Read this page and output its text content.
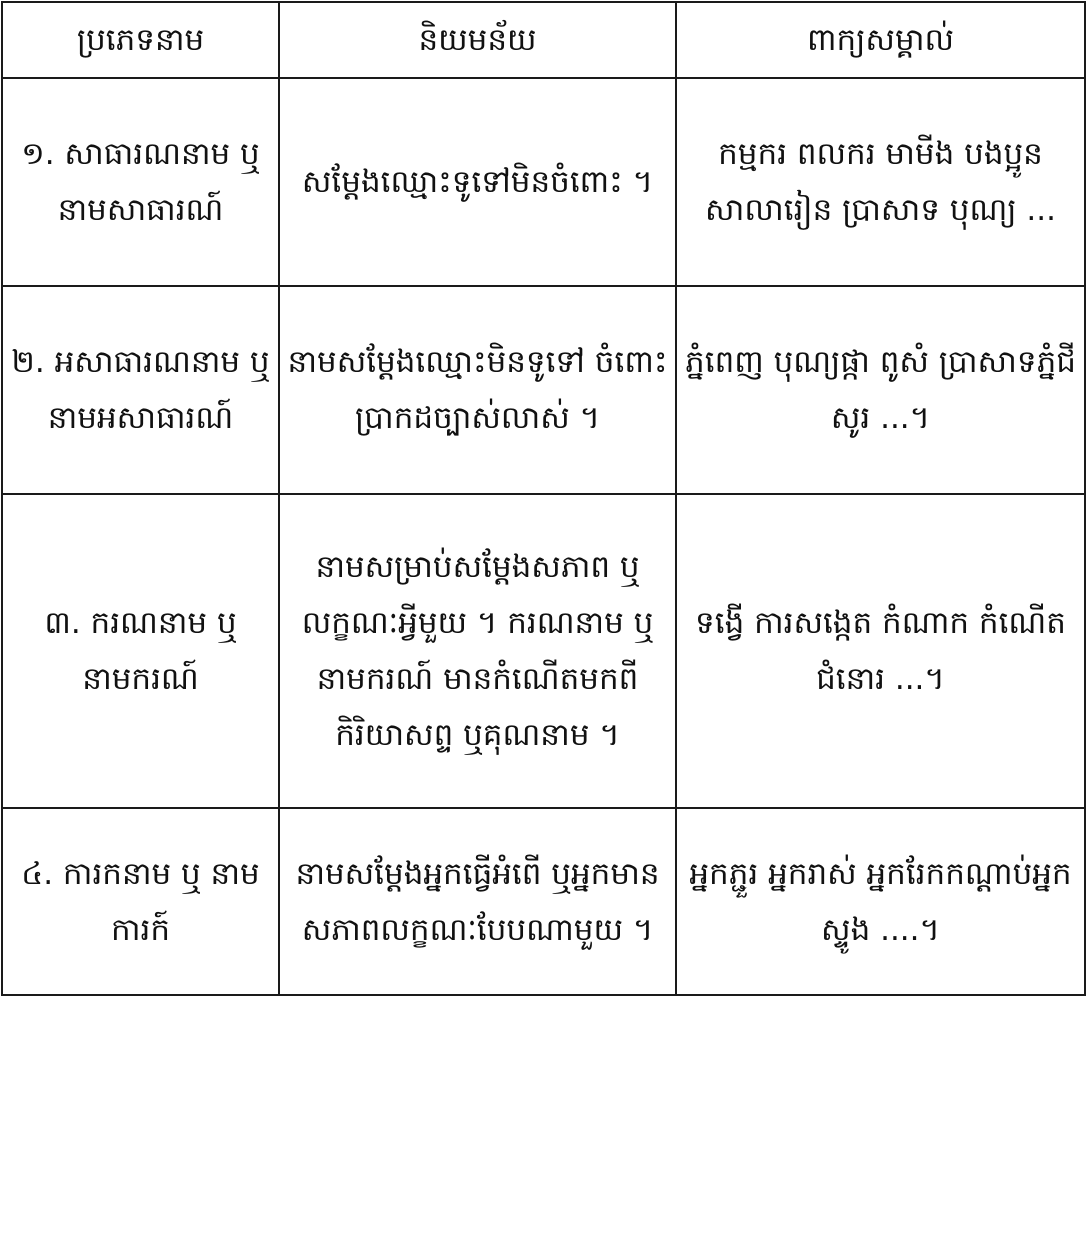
ប្រភេទនាម	និយមន័យ	ពាក្យសម្គាល់
១. សាធារណនាម ឬ នាមសាធារណ៍	សម្ដែងឈ្មោះទូទៅមិនចំពោះ ។	កម្មករ ពលករ មាមីង បងប្អូន សាលារៀន ប្រាសាទ បុណ្យ ...
២. អសាធារណនាម ឬ នាមអសាធារណ៍	នាមសម្ដែងឈ្មោះមិនទូទៅ ចំពោះប្រាកដច្បាស់លាស់ ។	ភ្នំពេញ បុណ្យផ្កា ពូសំ ប្រាសាទភ្នំជីសូរ ...។
៣. ករណនាម ឬ នាមករណ៍	នាមសម្រាប់សម្ដែងសភាព ឬលក្ខណៈអ្វីមួយ ។ ករណនាម ឬនាមករណ៍ មានកំណើតមកពីកិរិយាសព្ទ ឬគុណនាម ។	ទង្វើ ការសង្កេត កំណាក កំណើត ជំនោរ ...។
៤. ការកនាម ឬ នាមការក៍	នាមសម្ដែងអ្នកធ្វើអំពើ ឬអ្នកមានសភាពលក្ខណៈបែបណាមួយ ។	អ្នកភ្ជួរ អ្នករាស់ អ្នករែកកណ្ដាប់អ្នកស្ទូង ....។
